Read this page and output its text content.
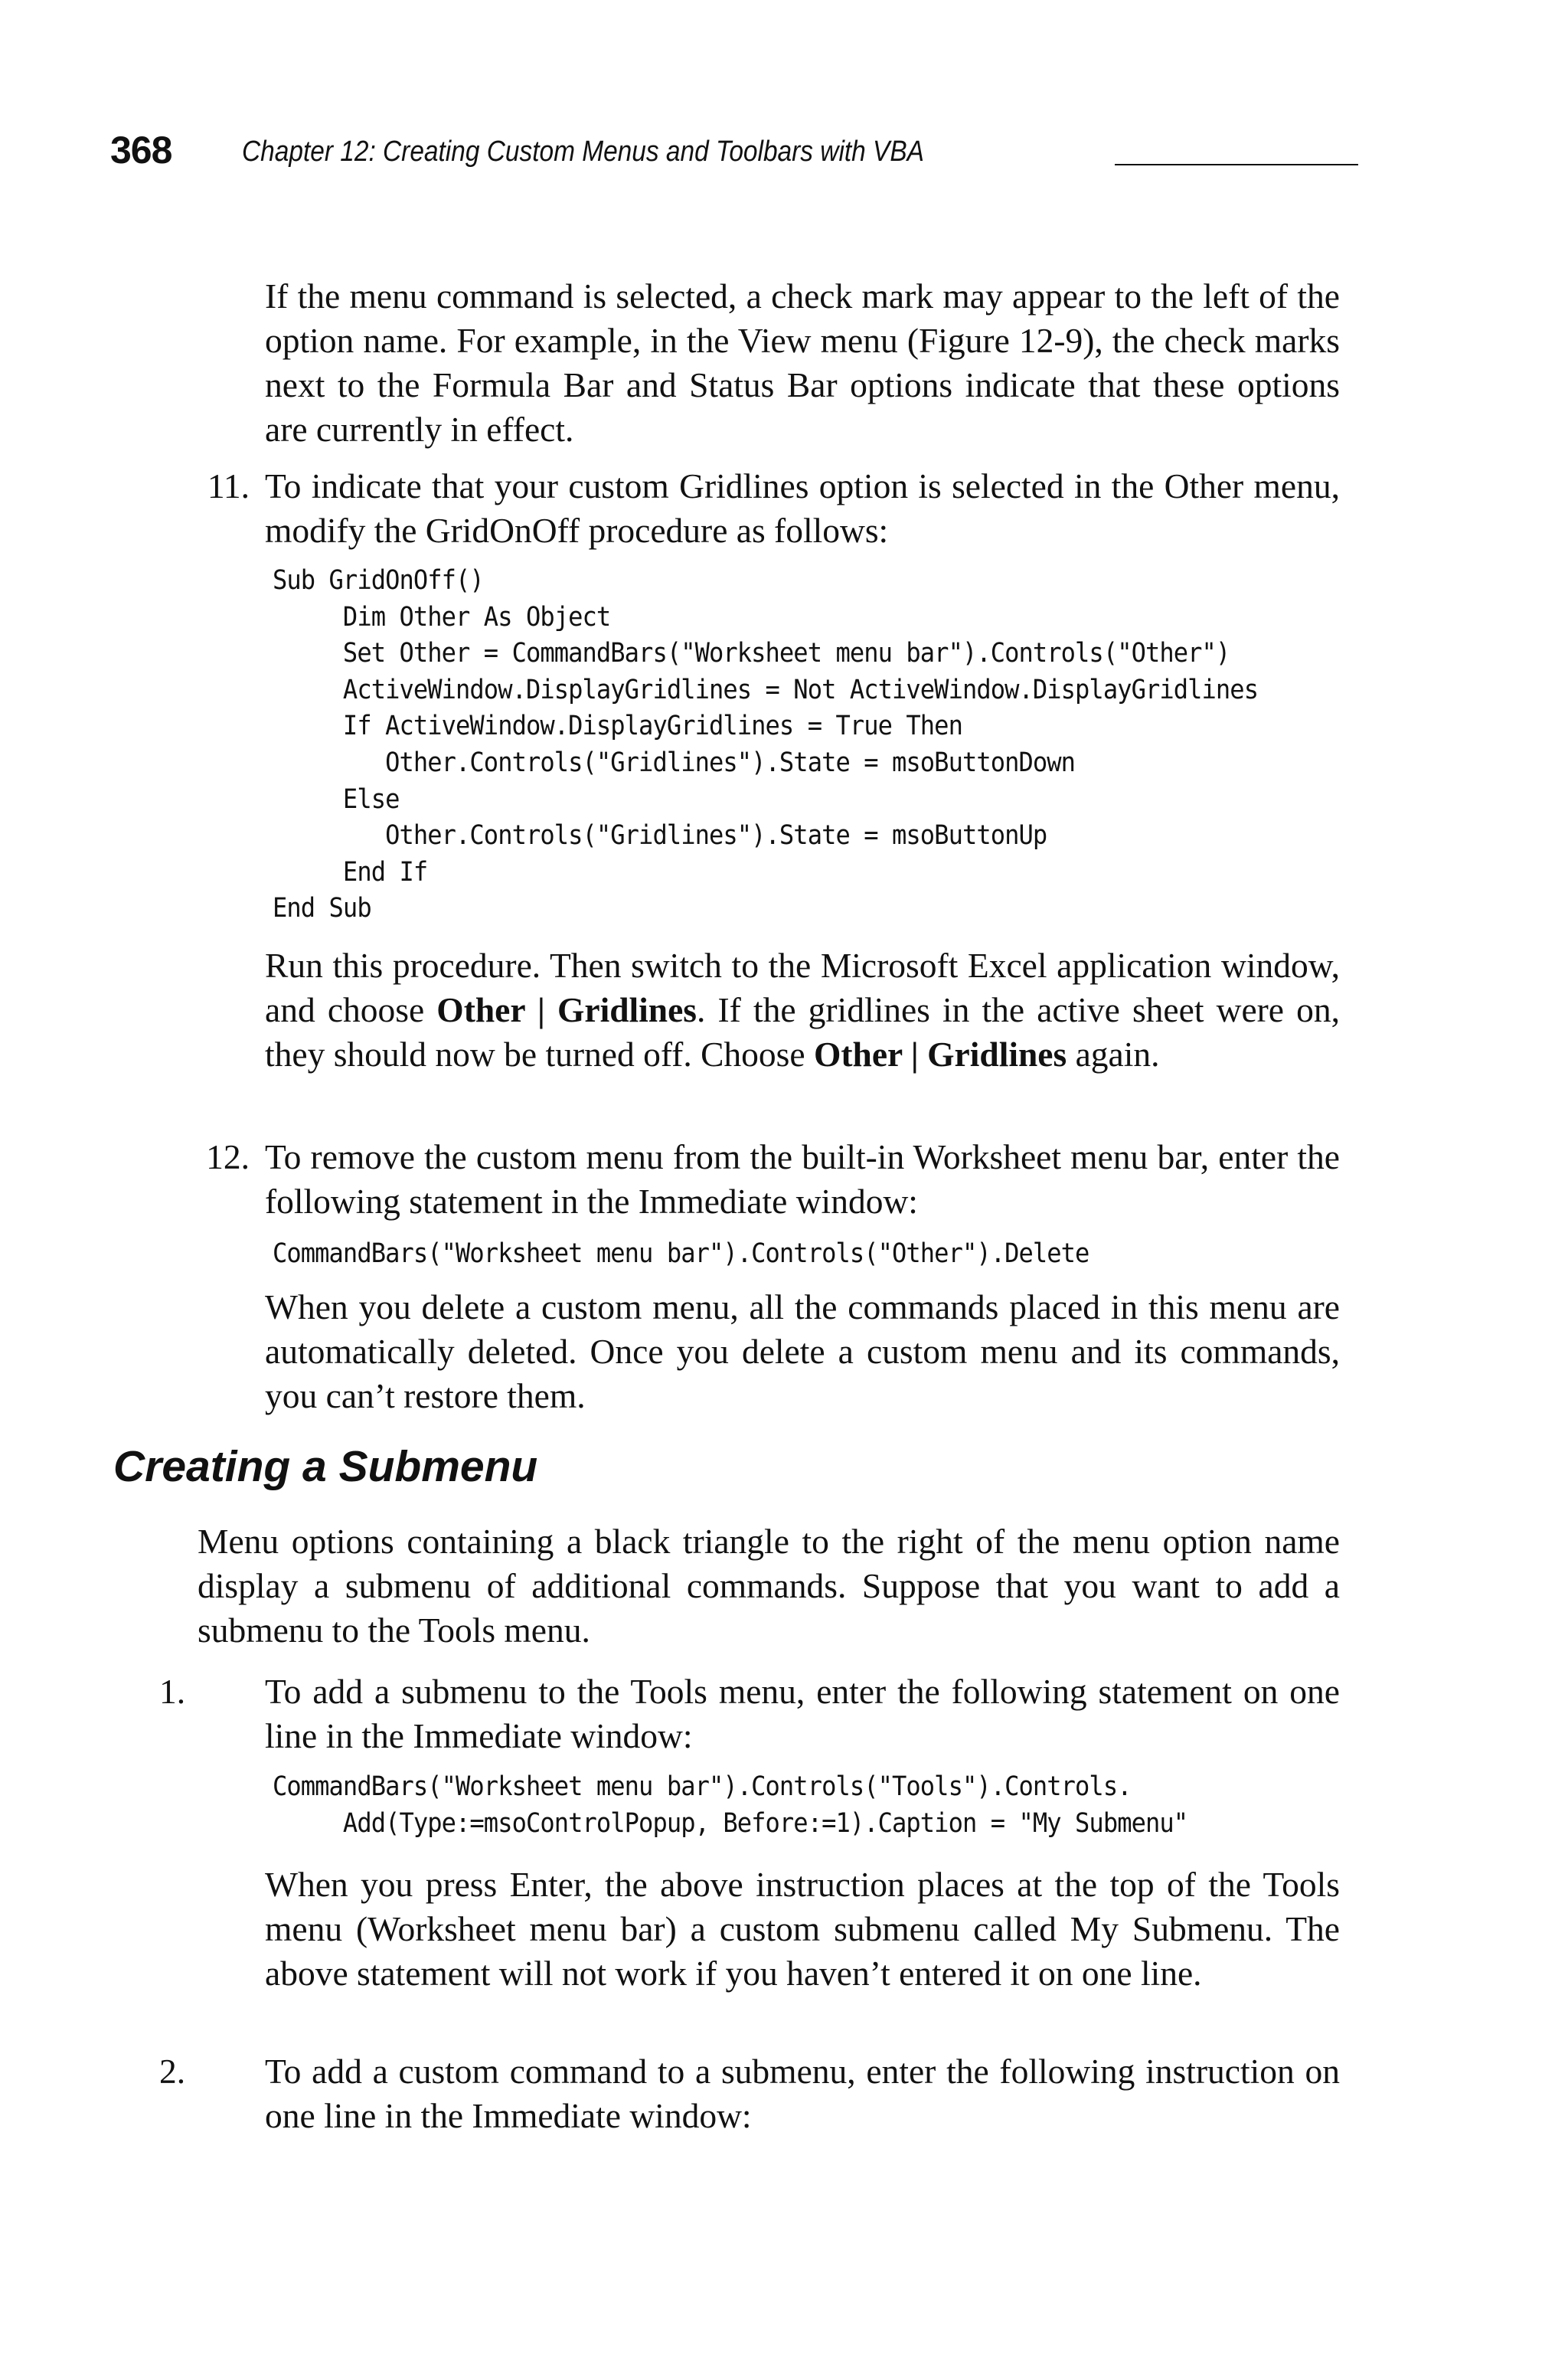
368 Chapter 12: Creating Custom Menus and Toolbars with VBA

If the menu command is selected, a check mark may appear to the left of the option name. For example, in the View menu (Figure 12-9), the check marks next to the Formula Bar and Status Bar options indicate that these options are currently in effect.

11. To indicate that your custom Gridlines option is selected in the Other menu, modify the GridOnOff procedure as follows:

Sub GridOnOff()
Dim Other As Object
Set Other = CommandBars("Worksheet menu bar").Controls("Other")
ActiveWindow.DisplayGridlines = Not ActiveWindow.DisplayGridlines
If ActiveWindow.DisplayGridlines = True Then
Other.Controls("Gridlines").State = msoButtonDown
Else
Other.Controls("Gridlines").State = msoButtonUp
End If
End Sub

Run this procedure. Then switch to the Microsoft Excel application window, and choose Other | Gridlines. If the gridlines in the active sheet were on, they should now be turned off. Choose Other | Gridlines again.

12. To remove the custom menu from the built-in Worksheet menu bar, enter the following statement in the Immediate window:

CommandBars("Worksheet menu bar").Controls("Other").Delete

When you delete a custom menu, all the commands placed in this menu are automatically deleted. Once you delete a custom menu and its commands, you can’t restore them.

Creating a Submenu

Menu options containing a black triangle to the right of the menu option name display a submenu of additional commands. Suppose that you want to add a submenu to the Tools menu.

1.	To add a submenu to the Tools menu, enter the following statement on one line in the Immediate window:

CommandBars("Worksheet menu bar").Controls("Tools").Controls.
Add(Type:=msoControlPopup, Before:=1).Caption = "My Submenu"

When you press Enter, the above instruction places at the top of the Tools menu (Worksheet menu bar) a custom submenu called My Submenu. The above statement will not work if you haven’t entered it on one line.

2.	To add a custom command to a submenu, enter the following instruction on one line in the Immediate window:
